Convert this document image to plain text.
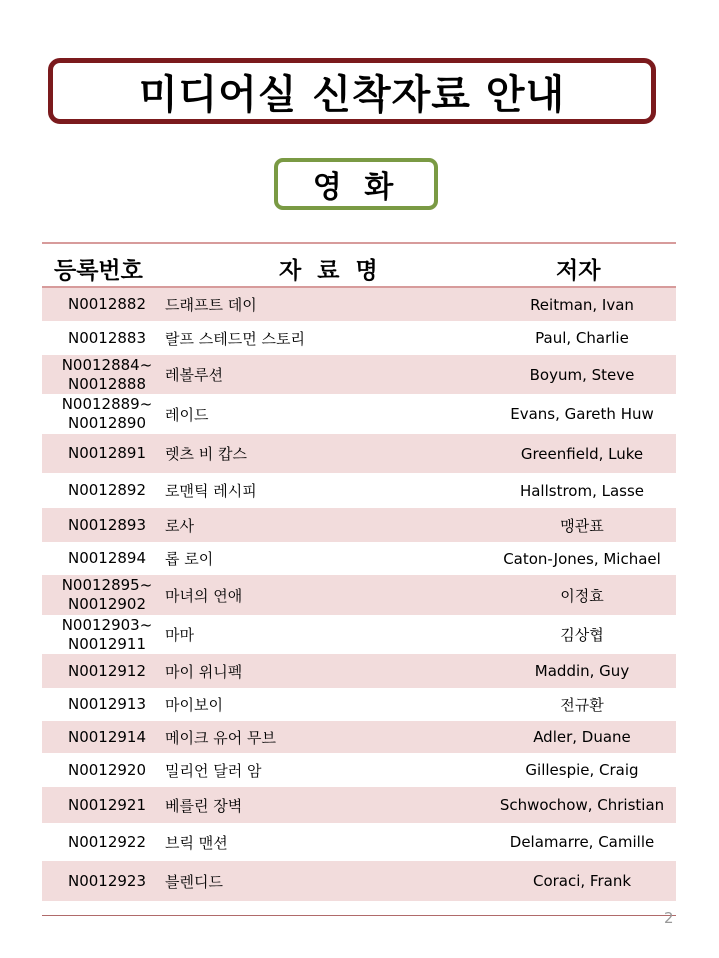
미디어실 신착자료 안내
영 화
등록번호	자 료 명	저자
N0012882	드래프트 데이	Reitman, Ivan
N0012883	랄프 스테드먼 스토리	Paul, Charlie
N0012884~
N0012888	레볼루션	Boyum, Steve
N0012889~
N0012890	레이드	Evans, Gareth Huw
N0012891	렛츠 비 캅스	Greenfield, Luke
N0012892	로맨틱 레시피	Hallstrom, Lasse
N0012893	로사	맹관표
N0012894	롭 로이	Caton-Jones, Michael
N0012895~
N0012902	마녀의 연애	이정효
N0012903~
N0012911	마마	김상협
N0012912	마이 위니펙	Maddin, Guy
N0012913	마이보이	전규환
N0012914	메이크 유어 무브	Adler, Duane
N0012920	밀리언 달러 암	Gillespie, Craig
N0012921	베를린 장벽	Schwochow, Christian
N0012922	브릭 맨션	Delamarre, Camille
N0012923	블렌디드	Coraci, Frank
2
